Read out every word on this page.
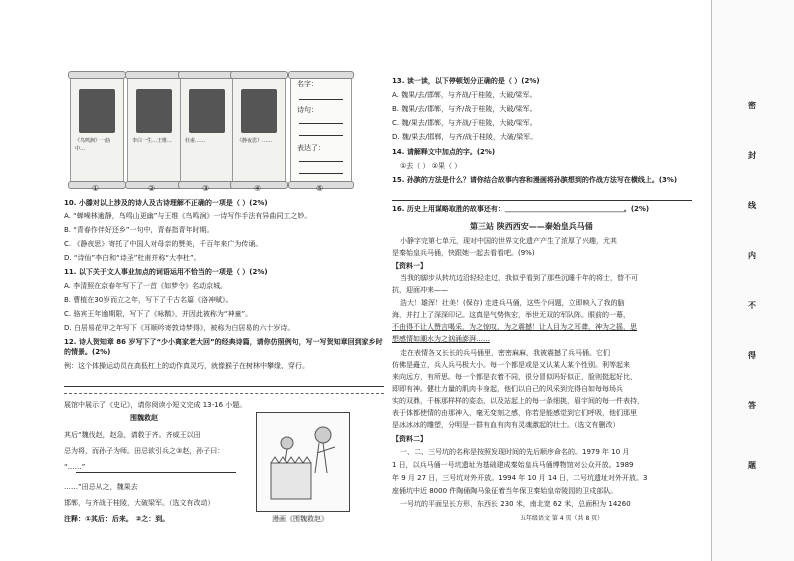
《鸟鸣涧》一曲中…
李白一生…王维…	杜甫……	《静夜思》……
名字：
诗句：
表达了：
①	②	③	④	⑤
10. 小滕对以上涉及的诗人及古诗理解不正确的一项是（ ）(2%)
A. “蝉噪林逾静，鸟鸣山更幽”与王维《鸟鸣涧》一诗写作手法有异曲同工之妙。
B. “青春作伴好还乡”一句中，青春指青年时期。
C. 《静夜思》寄托了中国人对母亲的赞美，千百年来广为传诵。
D. “诗仙”李白和“诗圣”杜甫并称“大李杜”。
11. 以下关于文人事业加点的词语运用不恰当的一项是（ ）(2%)
A. 李清照在京春年写下了一首《如梦令》名动京城。
B. 曹植在30岁而立之年，写下了千古名篇《洛神赋》。
C. 骆宾王年逾期限，写下了《咏鹅》，并因此被称为“神童”。
D. 白居易花甲之年写下《耳顺吟寄敦诗梦得》，被称为白居易的六十岁诗。
12. 诗人贺知章 86 岁写下了“少小离家老大回”的经典诗篇，请你仿照例句，写一写贺知章回到家乡时的情景。(2%)
例：这个体操运动员在高低杠上的动作真灵巧，就像猴子在树林中攀缘、穿行。
展馆中展示了《史记》，请你阅读小短文完成 13-16 小题。
围魏救赵
其后“魏伐赵，赵急，请救于齐。齐威王以田
忌为将，而孙子为师。田忌欲引兵之③赵，孙子曰：
“……”
……”田忌从之，魏果去
邯郸，与齐战于桂陵，大破梁军。（选文有改动）
注释：①其后：后来。 ②之：到。	漫画《围魏救赵》
13. 读一读，以下停顿划分正确的是（ ）(2%)
A. 魏果/去/邯郸，与齐战/于桂陵，大破/梁军。
B. 魏果/去/邯郸，与齐/战于桂陵，大破/梁军。
C. 魏/果去/邯郸，与齐战/于桂陵，大破/梁军。
D. 魏/果去/邯郸，与齐/战于桂陵，大破/梁军。
14. 请解释文中加点的字。(2%)
①去（ ） ②果（ ）
15. 孙膑的方法是什么？请你结合故事内容和漫画将孙膑想到的作战方法写在横线上。(3%)
16. 历史上用谋略取胜的故事还有：＿＿＿＿＿＿＿＿＿＿＿＿＿＿＿＿＿。(2%)
第三站 陕西西安——秦始皇兵马俑
小静字完第七单元，现对中国的世界文化遗产产生了浓厚了兴趣，尤其
是秦始皇兵马俑，快跟她一起去看看吧。(9%)
【资料一】
当我的脚步从转坑边沿轻轻走过，我似乎看到了那些沉睡千年的将士，替不可
抗，迎面冲来——
浩大！雄浑！壮美！(保存) 走进兵马俑，这些个问题，立即映入了我的脑
海，并打上了深深印记。这真是气势恢宏，举世无双的军队阵。眼前的一幕，
不由得不让人赞言喝采，为之惊叹，为之震撼！让人目为之耳聋，神为之摇，思
想感情如潮水为之汹涌澎湃……
走在表情各又长长的兵马俑里，密密麻麻，我被震撼了兵马俑。它们
仿佛是矗立，兵人兵马极大小。每一个都是或是又认某人某个性别。利等起来
来向远方，有所思。每一个都是衣着不同，很分冒似吗好似正，脸则挺起好比，
即即有神。健壮力量的肌肉卡身起，他们以自己的风采到完得自如每每场兵
实的双鼎，千栋那样样的姿态，以及站起上的每一条细挑，眉宇间的每一件表持，
表于体都使情的由那神入，毫无变刻之感，你若是能感觉到它们呼吸，他们那里
是冰冰冰的雕塑，分明是一群有血有肉有灵魂激起的壮士。（选文有删改）
【资料二】
一、二、三号坑的名称是按照发现时间的先后顺序命名的。1979 年 10 月
1 日，以兵马俑一号坑遗址为基础建成秦始皇兵马俑博物馆对公众开放。1989
年 9 月 27 日，三号坑对外开放。1994 年 10 月 14 日，二号坑遗址对外开放。3
座俑坑中近 8000 件陶俑陶马象征着当年保卫秦始皇帝陵园的卫戍部队。
一号坑的平面呈长方形，东西长 230 米，南北宽 62 米，总面积为 14260
五年级语文 第 4 页（共 8 页）
密
封
线
内
不
得
答
题
